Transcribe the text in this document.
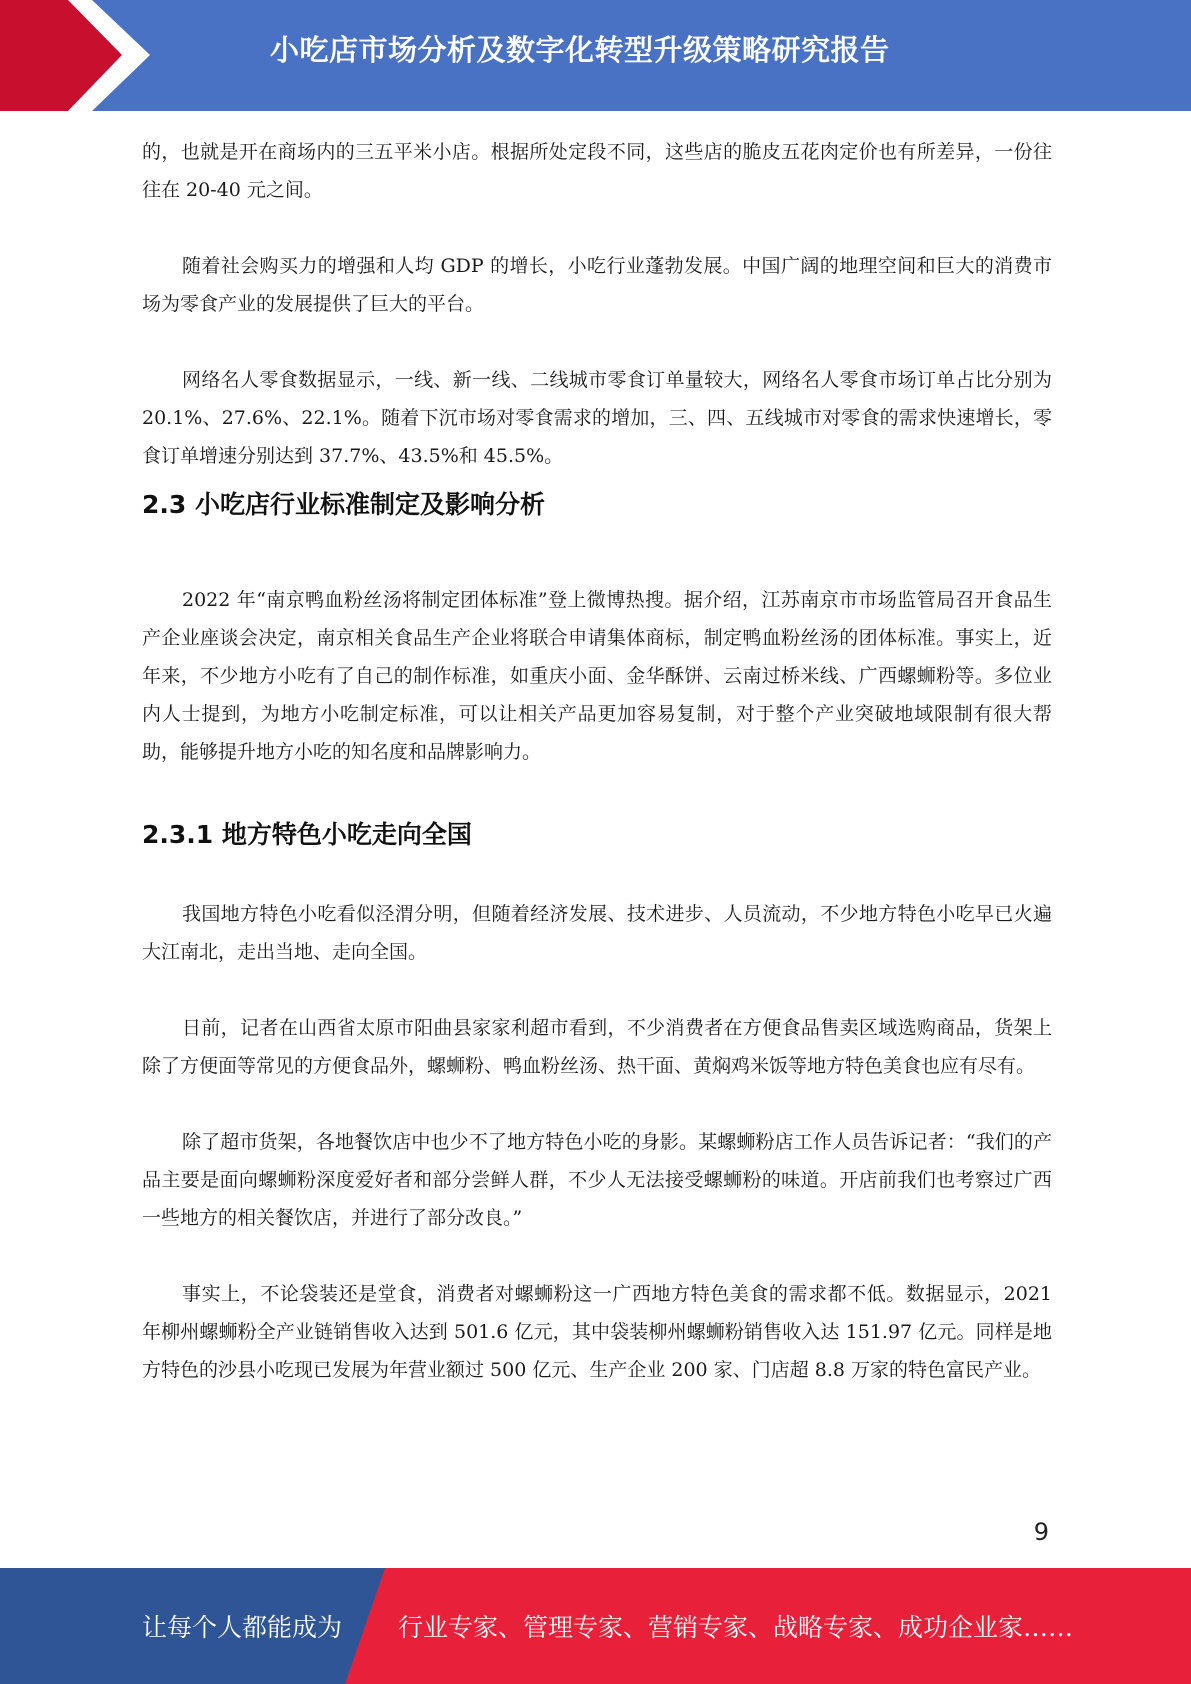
小吃店市场分析及数字化转型升级策略研究报告

的，也就是开在商场内的三五平米小店。根据所处定段不同，这些店的脆皮五花肉定价也有所差异，一份往往在 20-40 元之间。

随着社会购买力的增强和人均 GDP 的增长，小吃行业蓬勃发展。中国广阔的地理空间和巨大的消费市场为零食产业的发展提供了巨大的平台。

网络名人零食数据显示，一线、新一线、二线城市零食订单量较大，网络名人零食市场订单占比分别为 20.1%、27.6%、22.1%。随着下沉市场对零食需求的增加，三、四、五线城市对零食的需求快速增长，零食订单增速分别达到 37.7%、43.5%和 45.5%。

2.3 小吃店行业标准制定及影响分析

2022 年“南京鸭血粉丝汤将制定团体标准”登上微博热搜。据介绍，江苏南京市市场监管局召开食品生产企业座谈会决定，南京相关食品生产企业将联合申请集体商标，制定鸭血粉丝汤的团体标准。事实上，近年来，不少地方小吃有了自己的制作标准，如重庆小面、金华酥饼、云南过桥米线、广西螺蛳粉等。多位业内人士提到，为地方小吃制定标准，可以让相关产品更加容易复制，对于整个产业突破地域限制有很大帮助，能够提升地方小吃的知名度和品牌影响力。

2.3.1 地方特色小吃走向全国

我国地方特色小吃看似泾渭分明，但随着经济发展、技术进步、人员流动，不少地方特色小吃早已火遍大江南北，走出当地、走向全国。

日前，记者在山西省太原市阳曲县家家利超市看到，不少消费者在方便食品售卖区域选购商品，货架上除了方便面等常见的方便食品外，螺蛳粉、鸭血粉丝汤、热干面、黄焖鸡米饭等地方特色美食也应有尽有。

除了超市货架，各地餐饮店中也少不了地方特色小吃的身影。某螺蛳粉店工作人员告诉记者：“我们的产品主要是面向螺蛳粉深度爱好者和部分尝鲜人群，不少人无法接受螺蛳粉的味道。开店前我们也考察过广西一些地方的相关餐饮店，并进行了部分改良。”

事实上，不论袋装还是堂食，消费者对螺蛳粉这一广西地方特色美食的需求都不低。数据显示，2021 年柳州螺蛳粉全产业链销售收入达到 501.6 亿元，其中袋装柳州螺蛳粉销售收入达 151.97 亿元。同样是地方特色的沙县小吃现已发展为年营业额过 500 亿元、生产企业 200 家、门店超 8.8 万家的特色富民产业。

9
让每个人都能成为 行业专家、管理专家、营销专家、战略专家、成功企业家……
